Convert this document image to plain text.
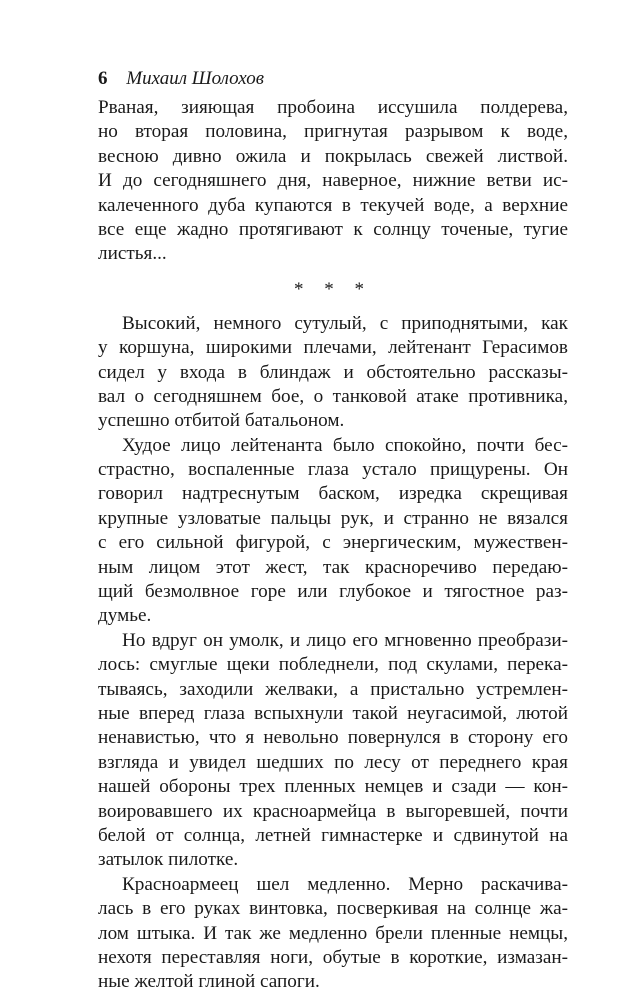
6 Михаил Шолохов
Рваная, зияющая пробоина иссушила полдерева,
но вторая половина, пригнутая разрывом к воде,
весною дивно ожила и покрылась свежей листвой.
И до сегодняшнего дня, наверное, нижние ветви ис-
калеченного дуба купаются в текучей воде, а верхние
все еще жадно протягивают к солнцу точеные, тугие
листья...
* * *
Высокий, немного сутулый, с приподнятыми, как
у коршуна, широкими плечами, лейтенант Герасимов
сидел у входа в блиндаж и обстоятельно рассказы-
вал о сегодняшнем бое, о танковой атаке противника,
успешно отбитой батальоном.
Худое лицо лейтенанта было спокойно, почти бес-
страстно, воспаленные глаза устало прищурены. Он
говорил надтреснутым баском, изредка скрещивая
крупные узловатые пальцы рук, и странно не вязался
с его сильной фигурой, с энергическим, мужествен-
ным лицом этот жест, так красноречиво передаю-
щий безмолвное горе или глубокое и тягостное раз-
думье.
Но вдруг он умолк, и лицо его мгновенно преобрази-
лось: смуглые щеки побледнели, под скулами, перека-
тываясь, заходили желваки, а пристально устремлен-
ные вперед глаза вспыхнули такой неугасимой, лютой
ненавистью, что я невольно повернулся в сторону его
взгляда и увидел шедших по лесу от переднего края
нашей обороны трех пленных немцев и сзади — кон-
воировавшего их красноармейца в выгоревшей, почти
белой от солнца, летней гимнастерке и сдвинутой на
затылок пилотке.
Красноармеец шел медленно. Мерно раскачива-
лась в его руках винтовка, посверкивая на солнце жа-
лом штыка. И так же медленно брели пленные немцы,
нехотя переставляя ноги, обутые в короткие, измазан-
ные желтой глиной сапоги.
